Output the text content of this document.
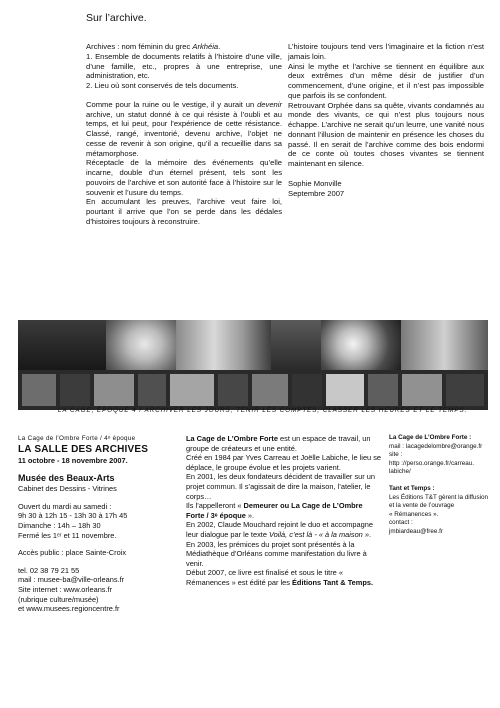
Sur l’archive.

Archives : nom féminin du grec Arkhéia.

1. Ensemble de documents relatifs à l’histoire d’une ville, d’une famille, etc., propres à une entreprise, une administration, etc.

2. Lieu où sont conservés de tels documents.

Comme pour la ruine ou le vestige, il y aurait un devenir archive, un statut donné à ce qui résiste à l’oubli et au temps, et lui peut, pour l’expérience de cette résistance. Classé, rangé, inventorié, devenu archive, l’objet ne cesse de revenir à son origine, qu’il a recueillie dans sa métamorphose.

Réceptacle de la mémoire des événements qu’elle incarne, double d’un éternel présent, tels sont les pouvoirs de l’archive et son autorité face à l’histoire sur le souvenir et l’usure du temps.

En accumulant les preuves, l’archive veut faire loi, pourtant il arrive que l’on se perde dans les dédales d’histoires toujours à reconstruire.

L’histoire toujours tend vers l’imaginaire et la fiction n’est jamais loin.

Ainsi le mythe et l’archive se tiennent en équilibre aux deux extrêmes d’un même désir de justifier d’un commencement, d’une origine, et il n’est pas impossible que parfois ils se confondent.

Retrouvant Orphée dans sa quête, vivants condamnés au monde des vivants, ce qui n’est plus toujours nous échappe. L’archive ne serait qu’un leurre, une vanité nous donnant l’illusion de maintenir en présence les choses du passé. Il en serait de l’archive comme des bois endormi de ce conte où toutes choses vivantes se tiennent maintenant en silence.

Sophie Monville

Septembre 2007

LA CAGE, ÉPOQUE 4 / ARCHIVER LES JOURS, TENIR LES COMPTES, CLASSER LES HEURES ET LE TEMPS.

La Cage de l’Ombre Forte / 4ᵉ époque

LA SALLE DES ARCHIVES

11 octobre - 18 novembre 2007.

Musée des Beaux-Arts

Cabinet des Dessins - Vitrines

Ouvert du mardi au samedi :

9h 30 à 12h 15 - 13h 30 à 17h 45

Dimanche : 14h – 18h 30

Fermé les 1ᵉʳ et 11 novembre.

Accès public : place Sainte-Croix

tel. 02 38 79 21 55

mail : musee-ba@ville-orleans.fr

Site internet : www.orleans.fr

(rubrique culture/musée)

et www.musees.regioncentre.fr

La Cage de L’Ombre Forte est un espace de travail, un groupe de créateurs et une entité.

Créé en 1984 par Yves Carreau et Joëlle Labiche, le lieu se déplace, le groupe évolue et les projets varient.

En 2001, les deux fondateurs décident de travailler sur un projet commun. Il s’agissait de dire la maison, l’atelier, le corps…

Ils l’appelleront « Demeurer ou La Cage de L’Ombre Forte / 3ᵉ époque ».

En 2002, Claude Mouchard rejoint le duo et accompagne leur dialogue par le texte Voilà, c’est là - « à la maison ».

En 2003, les prémices du projet sont présentés à la Médiathèque d’Orléans comme manifestation du livre à venir.

Début 2007, ce livre est finalisé et sous le titre « Rémanences » est édité par les Éditions Tant & Temps.

La Cage de L’Ombre Forte :

mail : lacagedelombre@orange.fr

site :

http ://perso.orange.fr/carreau.

labiche/

Tant et Temps :

Les Éditions T&T gèrent la diffusion

et la vente de l’ouvrage

« Rémanences ».

contact :

jmbiardeau@free.fr
